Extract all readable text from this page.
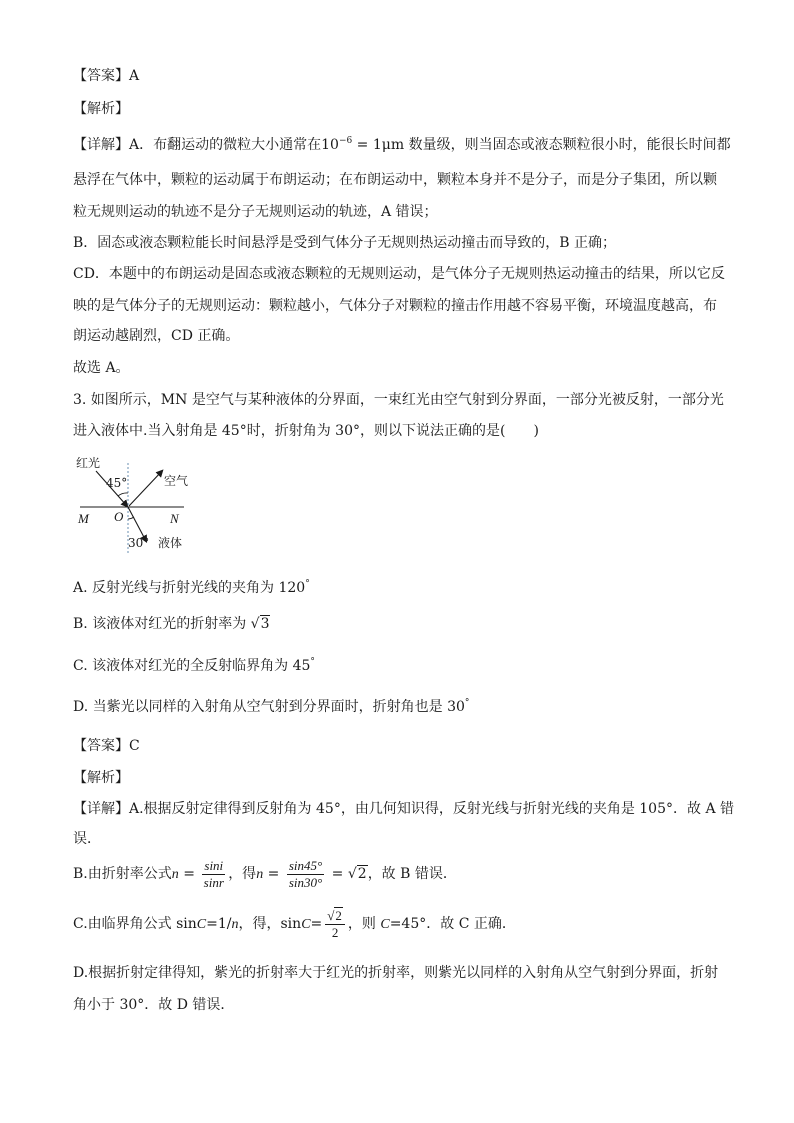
【答案】A
【解析】
【详解】A．布翻运动的微粒大小通常在$10^{-6} = 1\mu m$ 数量级，则当固态或液态颗粒很小时，能很长时间都
悬浮在气体中，颗粒的运动属于布朗运动；在布朗运动中，颗粒本身并不是分子，而是分子集团，所以颗
粒无规则运动的轨迹不是分子无规则运动的轨迹，A 错误；
B．固态或液态颗粒能长时间悬浮是受到气体分子无规则热运动撞击而导致的，B 正确；
CD．本题中的布朗运动是固态或液态颗粒的无规则运动，是气体分子无规则热运动撞击的结果，所以它反
映的是气体分子的无规则运动：颗粒越小，气体分子对颗粒的撞击作用越不容易平衡，环境温度越高，布
朗运动越剧烈，CD 正确。
故选 A。
3. 如图所示，MN 是空气与某种液体的分界面，一束红光由空气射到分界面，一部分光被反射，一部分光
进入液体中.当入射角是 45°时，折射角为 30°，则以下说法正确的是(　　)
红光
45°	空气
M O	N
30° 液体
A. 反射光线与折射光线的夹角为 120°
B. 该液体对红光的折射率为 √3
C. 该液体对红光的全反射临界角为 45°
D. 当紫光以同样的入射角从空气射到分界面时，折射角也是 30°
【答案】C
【解析】
【详解】A.根据反射定律得到反射角为 45°，由几何知识得，反射光线与折射光线的夹角是 105°．故 A 错
误．
B.由折射率公式$n = \frac{\sin i}{\sin r}$ ，得$n = \frac{\sin 45^\circ}{\sin 30^\circ} = √2$，故 B 错误．
C.由临界角公式 sinC=1/n，得，$\sin C= \frac{√2}{2}$ ，则 C=45°．故 C 正确．
D.根据折射定律得知，紫光的折射率大于红光的折射率，则紫光以同样的入射角从空气射到分界面，折射
角小于 30°．故 D 错误．
